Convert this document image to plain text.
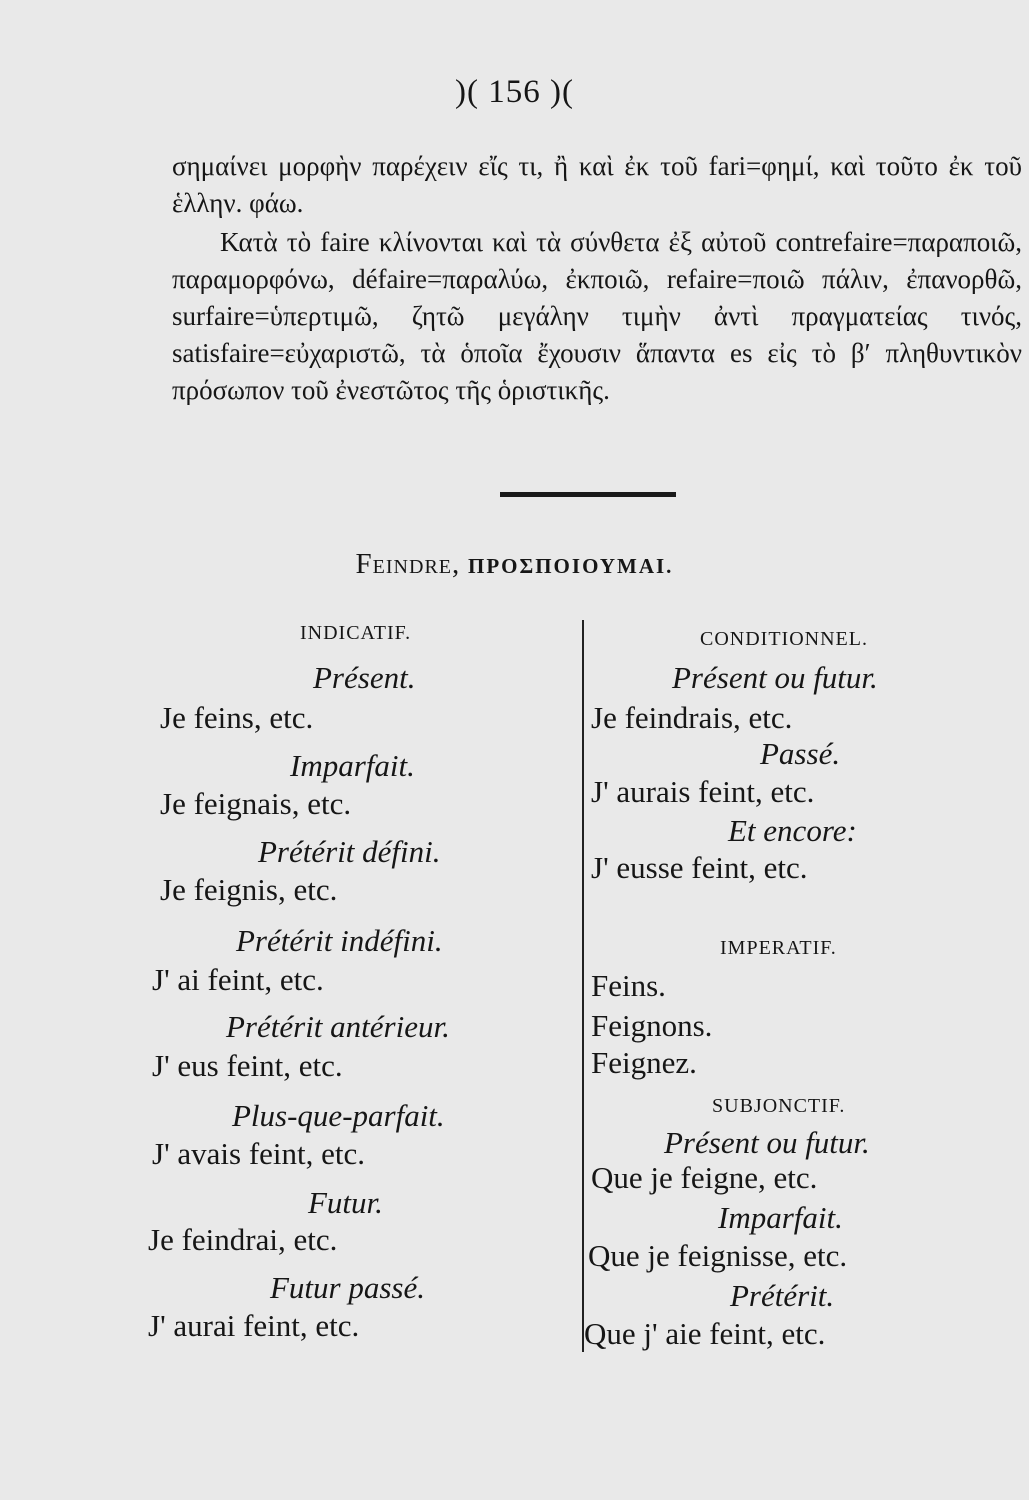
)( 156 )(
σημαίνει μορφὴν παρέχειν εἴς τι, ἢ καὶ ἐκ τοῦ fari=φημί, καὶ τοῦτο ἐκ τοῦ ἑλλην. φάω.
Κατὰ τὸ faire κλίνονται καὶ τὰ σύνθετα ἐξ αὐτοῦ contrefaire=παραποιῶ, παραμορφόνω, défaire=παραλύω, ἐκποιῶ, refaire=ποιῶ πάλιν, ἐπανορθῶ, surfaire=ὑπερτιμῶ, ζητῶ μεγάλην τιμὴν ἀντὶ πραγματείας τινός, satisfaire=εὐχαριστῶ, τὰ ὁποῖα ἔχουσιν ἅπαντα es εἰς τὸ β′ πληθυντικὸν πρόσωπον τοῦ ἐνεστῶτος τῆς ὁριστικῆς.
Feindre, ΠΡΟΣΠΟΙΟΥΜΑΙ.
INDICATIF.
Présent.
Je feins, etc.
Imparfait.
Je feignais, etc.
Prétérit défini.
Je feignis, etc.
Prétérit indéfini.
J' ai feint, etc.
Prétérit antérieur.
J' eus feint, etc.
Plus-que-parfait.
J' avais feint, etc.
Futur.
Je feindrai, etc.
Futur passé.
J' aurai feint, etc.
CONDITIONNEL.
Présent ou futur.
Je feindrais, etc.
Passé.
J' aurais feint, etc.
Et encore:
J' eusse feint, etc.
IMPERATIF.
Feins.
Feignons.
Feignez.
SUBJONCTIF.
Présent ou futur.
Que je feigne, etc.
Imparfait.
Que je feignisse, etc.
Prétérit.
Que j' aie feint, etc.
